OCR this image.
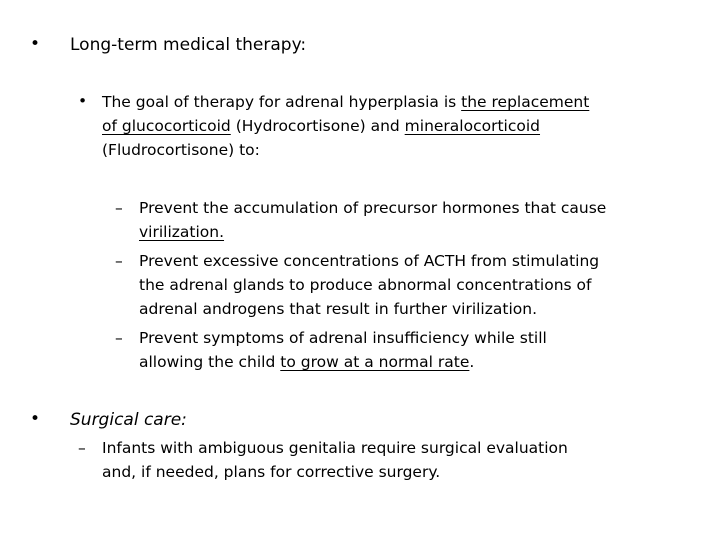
• Long-term medical therapy:
• The goal of therapy for adrenal hyperplasia is the replacement
of glucocorticoid (Hydrocortisone) and mineralocorticoid
(Fludrocortisone) to:
– Prevent the accumulation of precursor hormones that cause
virilization.
– Prevent excessive concentrations of ACTH from stimulating
the adrenal glands to produce abnormal concentrations of
adrenal androgens that result in further virilization.
– Prevent symptoms of adrenal insufficiency while still
allowing the child to grow at a normal rate.
• Surgical care:
– Infants with ambiguous genitalia require surgical evaluation
and, if needed, plans for corrective surgery.
